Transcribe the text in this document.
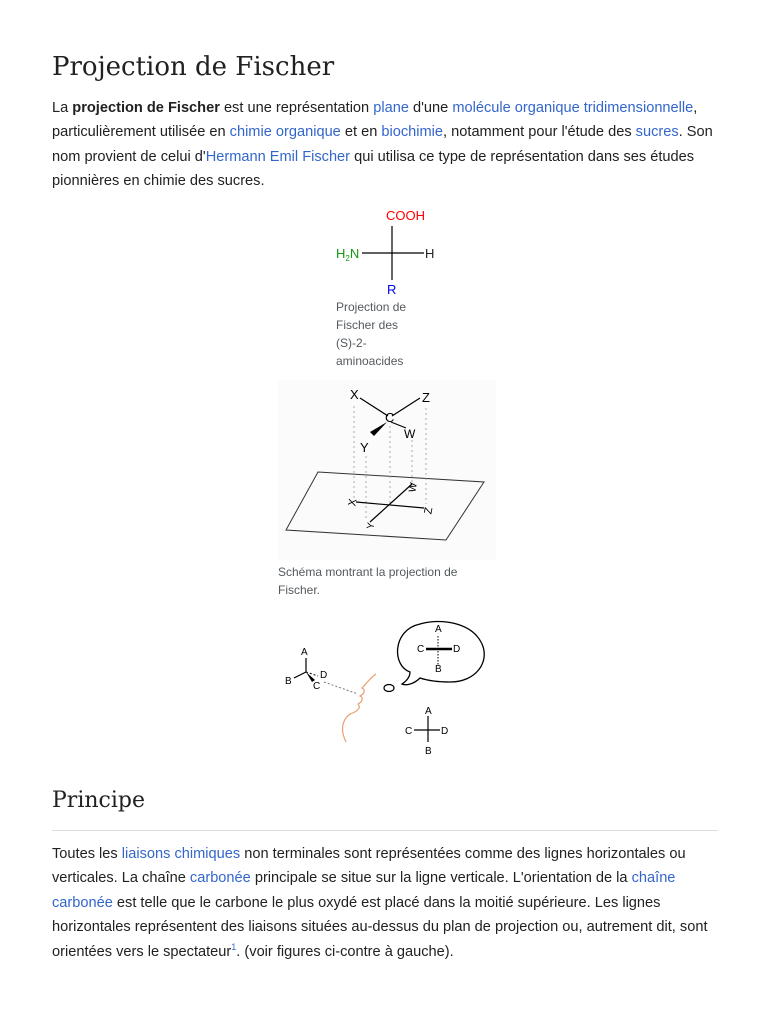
Projection de Fischer

La projection de Fischer est une représentation plane d'une molécule organique tridimensionnelle, particulièrement utilisée en chimie organique et en biochimie, notamment pour l'étude des sucres. Son nom provient de celui d'Hermann Emil Fischer qui utilisa ce type de représentation dans ses études pionnières en chimie des sucres.

COOH
$H_2N$	H
R
Projection de
Fischer des
(S)-2-
aminoacides
X	Z
C
Y
W
X
Z
Y
W
Schéma montrant la projection de
Fischer.
A
B C
D
A
B
C	D
A
B
C	D
Principe

Toutes les liaisons chimiques non terminales sont représentées comme des lignes horizontales ou verticales. La chaîne carbonée principale se situe sur la ligne verticale. L'orientation de la chaîne carbonée est telle que le carbone le plus oxydé est placé dans la moitié supérieure. Les lignes horizontales représentent des liaisons situées au-dessus du plan de projection ou, autrement dit, sont orientées vers le spectateur$^1$. (voir figures ci-contre à gauche).
